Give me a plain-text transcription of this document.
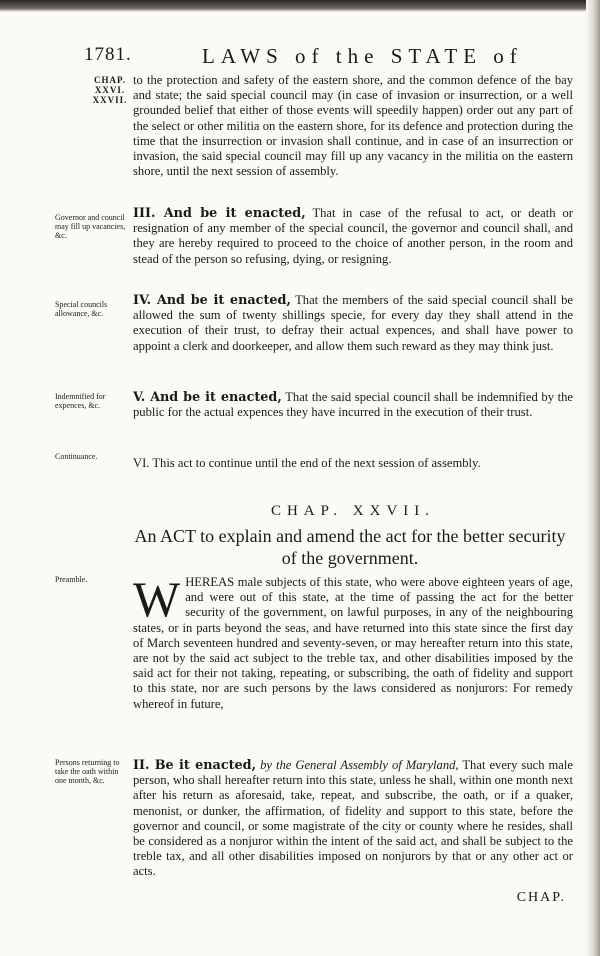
1781.	LAWS of the STATE of
CHAP. XXVI. XXVII.
Governor and council may fill up vacancies, &c.
Special councils allowance, &c.
Indemnified for expences, &c.
Continuance.
Preamble.
Persons returning to take the oath within one month, &c.

to the protection and safety of the eastern shore, and the common defence of the bay and state; the said special council may (in case of invasion or insurrection, or a well grounded belief that either of those events will speedily happen) order out any part of the select or other militia on the eastern shore, for its defence and protection during the time that the insurrection or invasion shall continue, and in case of an insurrection or invasion, the said special council may fill up any vacancy in the militia on the eastern shore, until the next session of assembly.

III. And be it enacted, That in case of the refusal to act, or death or resignation of any member of the special council, the governor and council shall, and they are hereby required to proceed to the choice of another person, in the room and stead of the person so refusing, dying, or resigning.

IV. And be it enacted, That the members of the said special council shall be allowed the sum of twenty shillings specie, for every day they shall attend in the execution of their trust, to defray their actual expences, and shall have power to appoint a clerk and doorkeeper, and allow them such reward as they may think just.

V. And be it enacted, That the said special council shall be indemnified by the public for the actual expences they have incurred in the execution of their trust.

VI. This act to continue until the end of the next session of assembly.

CHAP. XXVII.
An ACT to explain and amend the act for the better security of the government.

WHEREAS male subjects of this state, who were above eighteen years of age, and were out of this state, at the time of passing the act for the better security of the government, on lawful purposes, in any of the neighbouring states, or in parts beyond the seas, and have returned into this state since the first day of March seventeen hundred and seventy-seven, or may hereafter return into this state, are not by the said act subject to the treble tax, and other disabilities imposed by the said act for their not taking, repeating, or subscribing, the oath of fidelity and support to this state, nor are such persons by the laws considered as nonjurors: For remedy whereof in future,

II. Be it enacted, by the General Assembly of Maryland, That every such male person, who shall hereafter return into this state, unless he shall, within one month next after his return as aforesaid, take, repeat, and subscribe, the oath, or if a quaker, menonist, or dunker, the affirmation, of fidelity and support to this state, before the governor and council, or some magistrate of the city or county where he resides, shall be considered as a nonjuror within the intent of the said act, and shall be subject to the treble tax, and all other disabilities imposed on nonjurors by that or any other act or acts.

CHAP.
